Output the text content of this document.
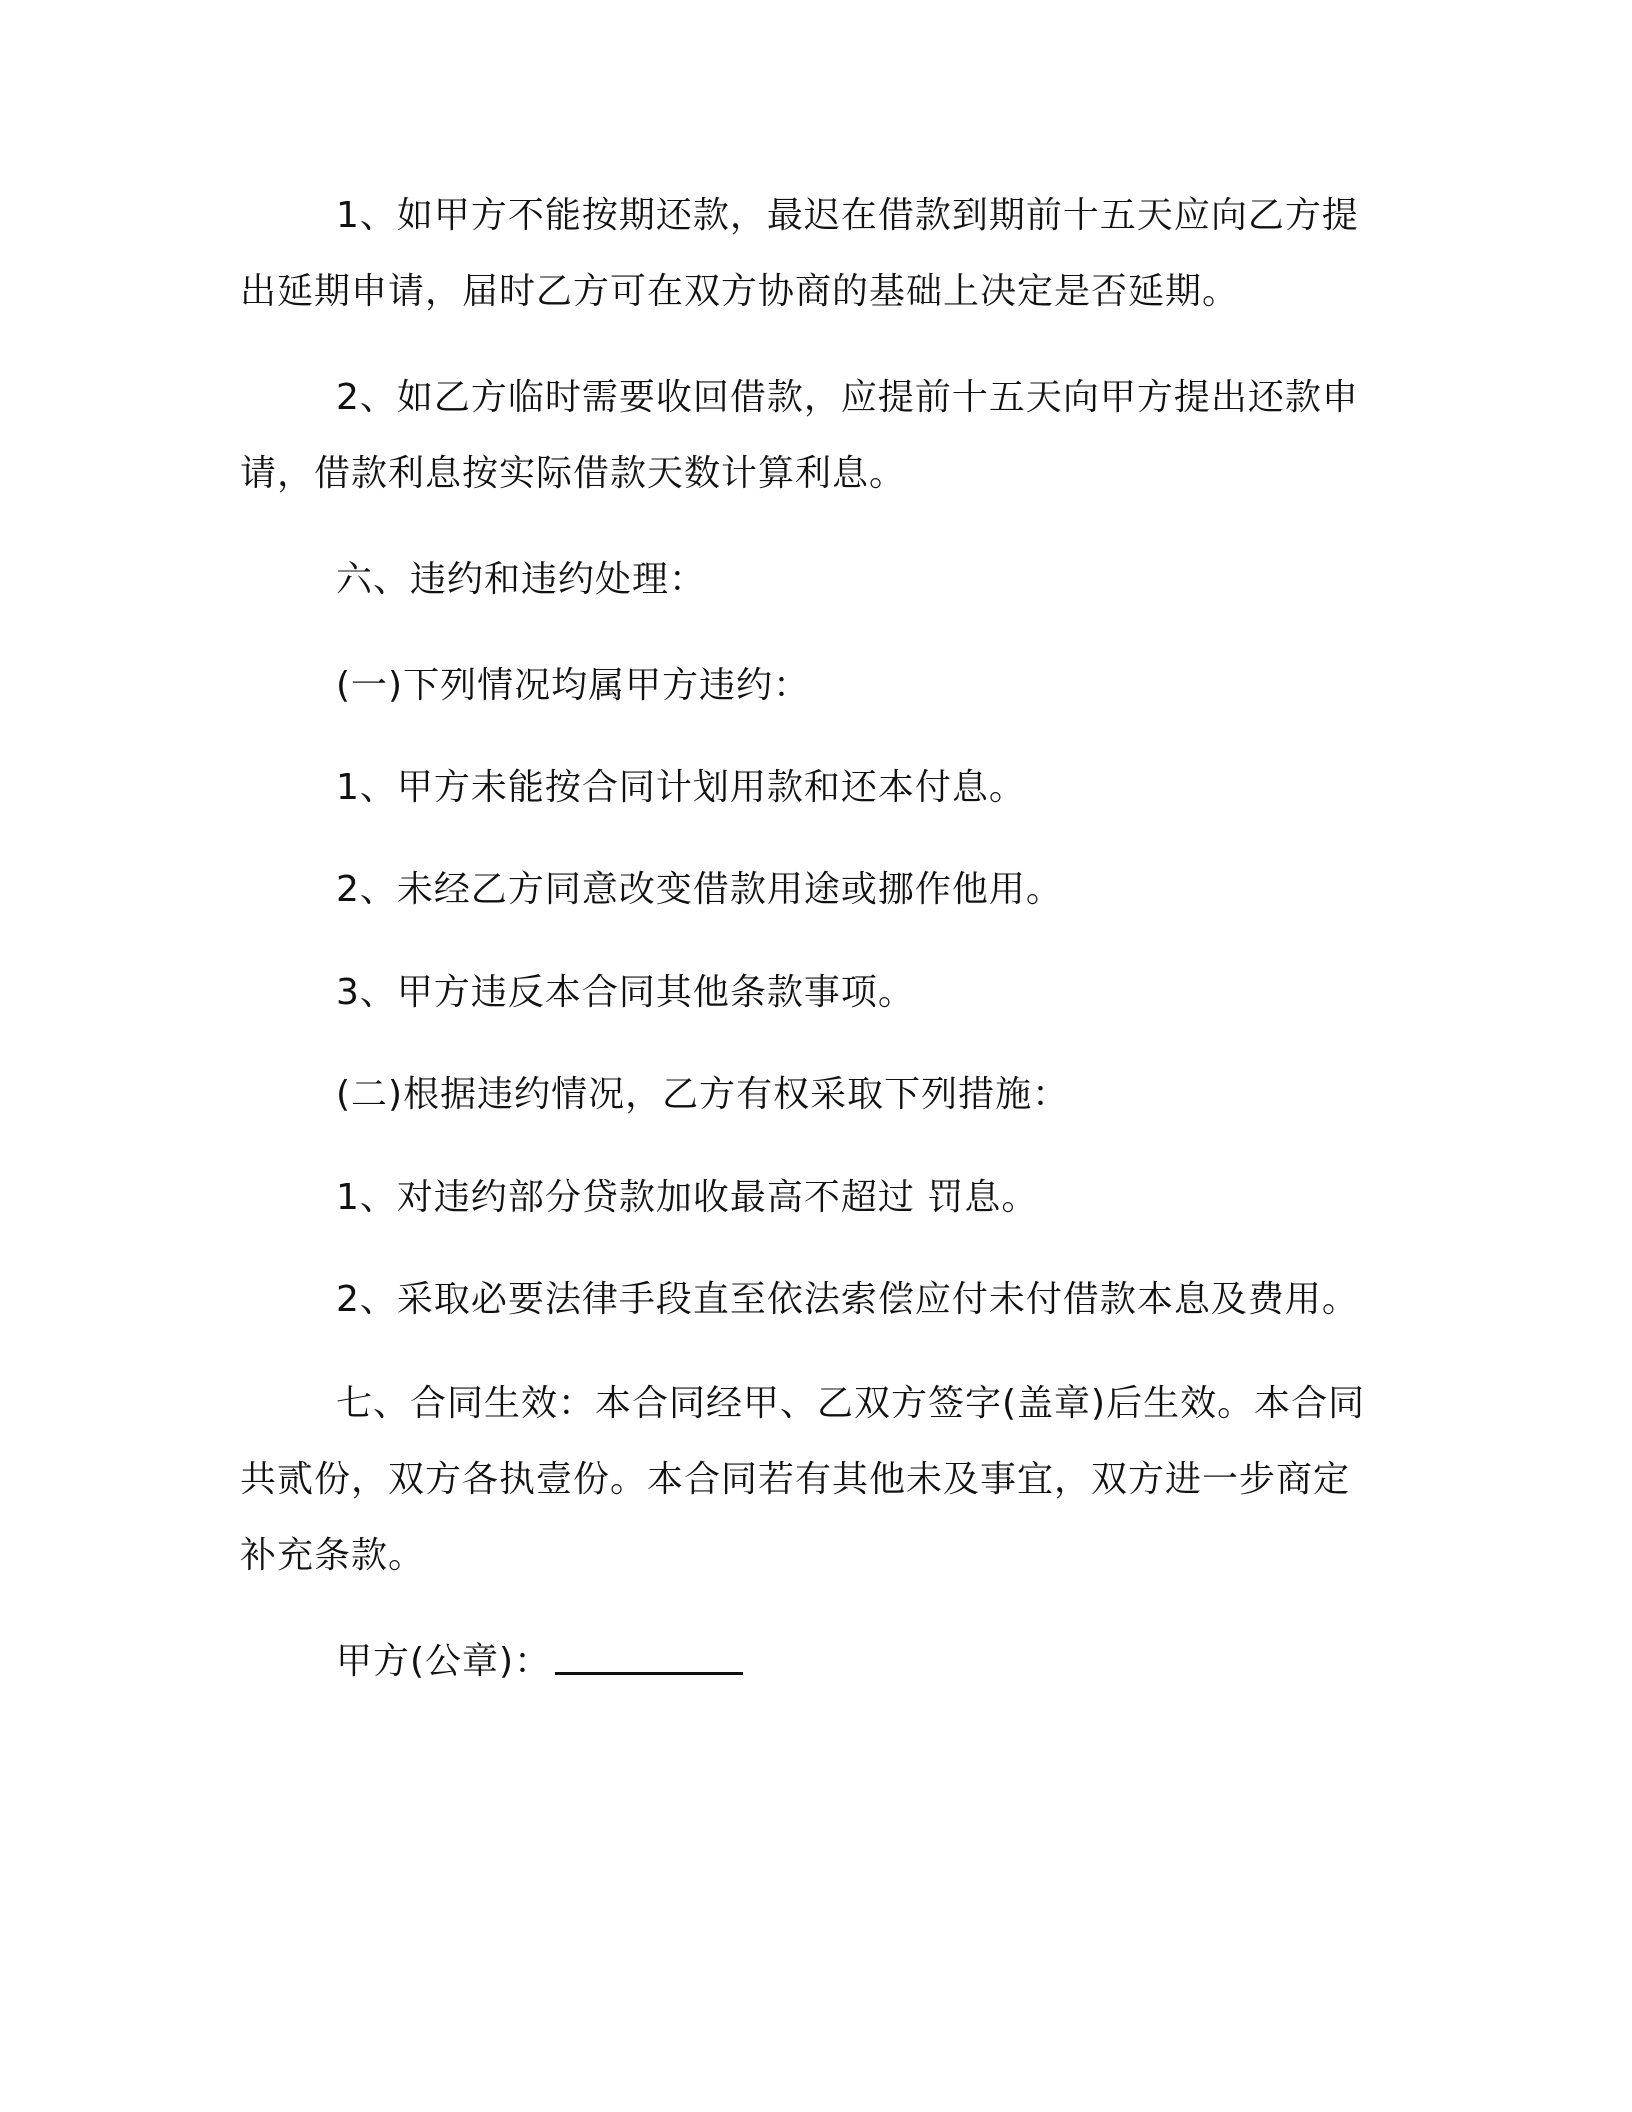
1、如甲方不能按期还款，最迟在借款到期前十五天应向乙方提出延期申请，届时乙方可在双方协商的基础上决定是否延期。
2、如乙方临时需要收回借款，应提前十五天向甲方提出还款申请，借款利息按实际借款天数计算利息。
六、违约和违约处理：
(一)下列情况均属甲方违约：
1、甲方未能按合同计划用款和还本付息。
2、未经乙方同意改变借款用途或挪作他用。
3、甲方违反本合同其他条款事项。
(二)根据违约情况，乙方有权采取下列措施：
1、对违约部分贷款加收最高不超过 罚息。
2、采取必要法律手段直至依法索偿应付未付借款本息及费用。
七、合同生效：本合同经甲、乙双方签字(盖章)后生效。本合同共贰份，双方各执壹份。本合同若有其他未及事宜，双方进一步商定补充条款。
甲方(公章)：
